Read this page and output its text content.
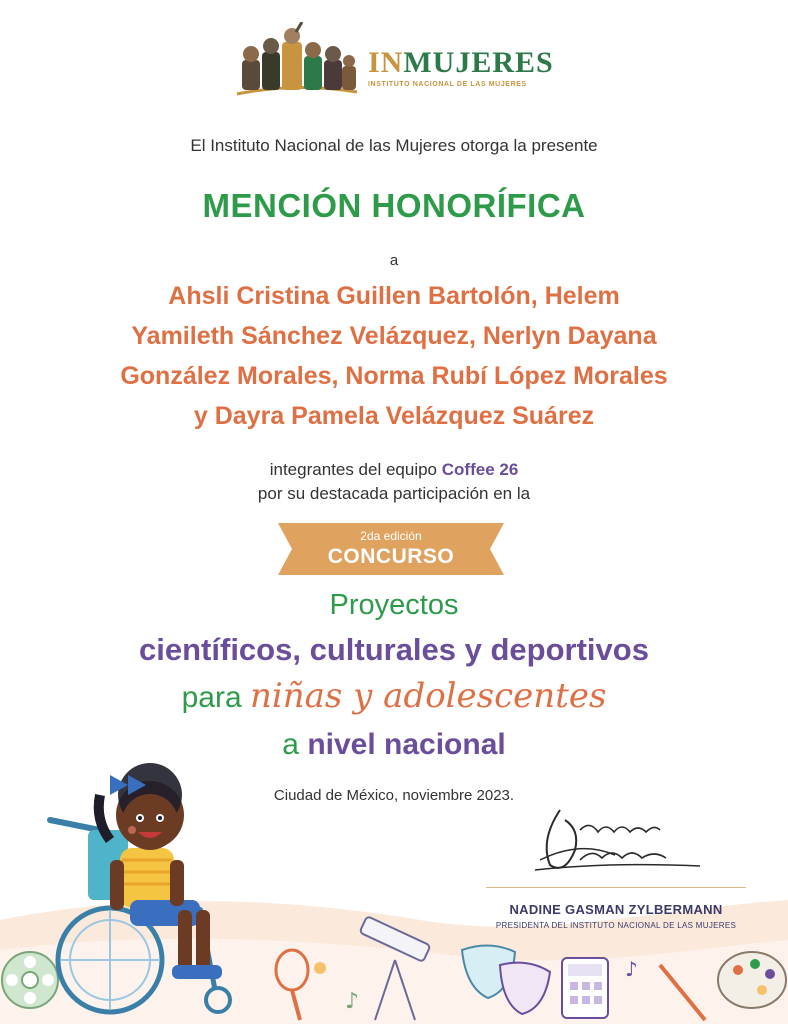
♪
♪
INMUJERES
INSTITUTO NACIONAL DE LAS MUJERES
El Instituto Nacional de las Mujeres otorga la presente
MENCIÓN HONORÍFICA
a
Ahsli Cristina Guillen Bartolón, Helem
Yamileth Sánchez Velázquez, Nerlyn Dayana
González Morales, Norma Rubí López Morales
y Dayra Pamela Velázquez Suárez
integrantes del equipo Coffee 26
por su destacada participación en la
2da edición
CONCURSO
Proyectos
científicos, culturales y deportivos
para niñas y adolescentes
a nivel nacional
Ciudad de México, noviembre 2023.
NADINE GASMAN ZYLBERMANN
PRESIDENTA DEL INSTITUTO NACIONAL DE LAS MUJERES
